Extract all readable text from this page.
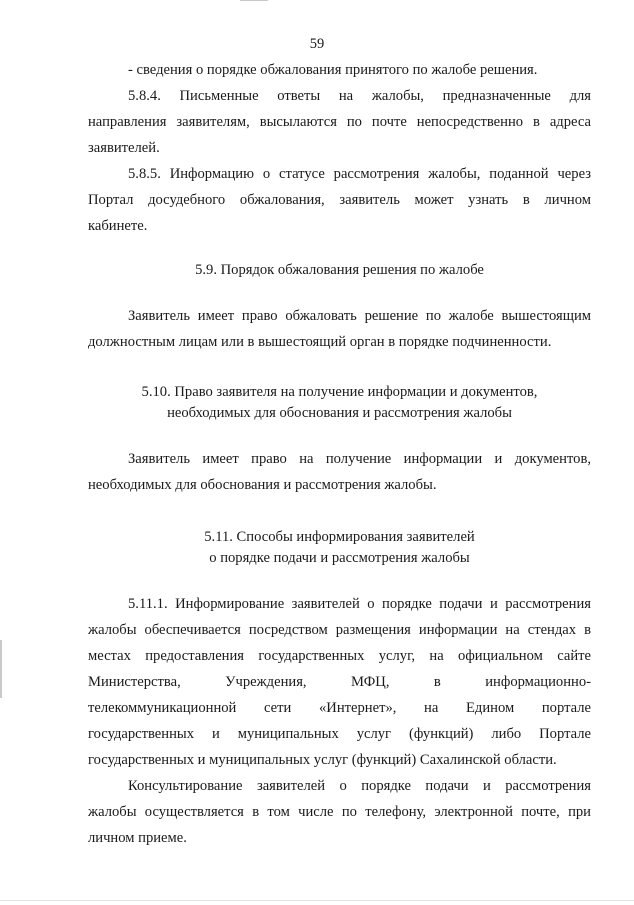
59

- сведения о порядке обжалования принятого по жалобе решения.

5.8.4. Письменные ответы на жалобы, предназначенные для

направления заявителям, высылаются по почте непосредственно в адреса

заявителей.

5.8.5. Информацию о статусе рассмотрения жалобы, поданной через

Портал досудебного обжалования, заявитель может узнать в личном

кабинете.

5.9. Порядок обжалования решения по жалобе

Заявитель имеет право обжаловать решение по жалобе вышестоящим

должностным лицам или в вышестоящий орган в порядке подчиненности.

5.10. Право заявителя на получение информации и документов,

необходимых для обоснования и рассмотрения жалобы

Заявитель имеет право на получение информации и документов,

необходимых для обоснования и рассмотрения жалобы.

5.11. Способы информирования заявителей

о порядке подачи и рассмотрения жалобы

5.11.1. Информирование заявителей о порядке подачи и рассмотрения

жалобы обеспечивается посредством размещения информации на стендах в

местах предоставления государственных услуг, на официальном сайте

Министерства, Учреждения, МФЦ, в информационно-

телекоммуникационной сети «Интернет», на Едином портале

государственных и муниципальных услуг (функций) либо Портале

государственных и муниципальных услуг (функций) Сахалинской области.

Консультирование заявителей о порядке подачи и рассмотрения

жалобы осуществляется в том числе по телефону, электронной почте, при

личном приеме.
